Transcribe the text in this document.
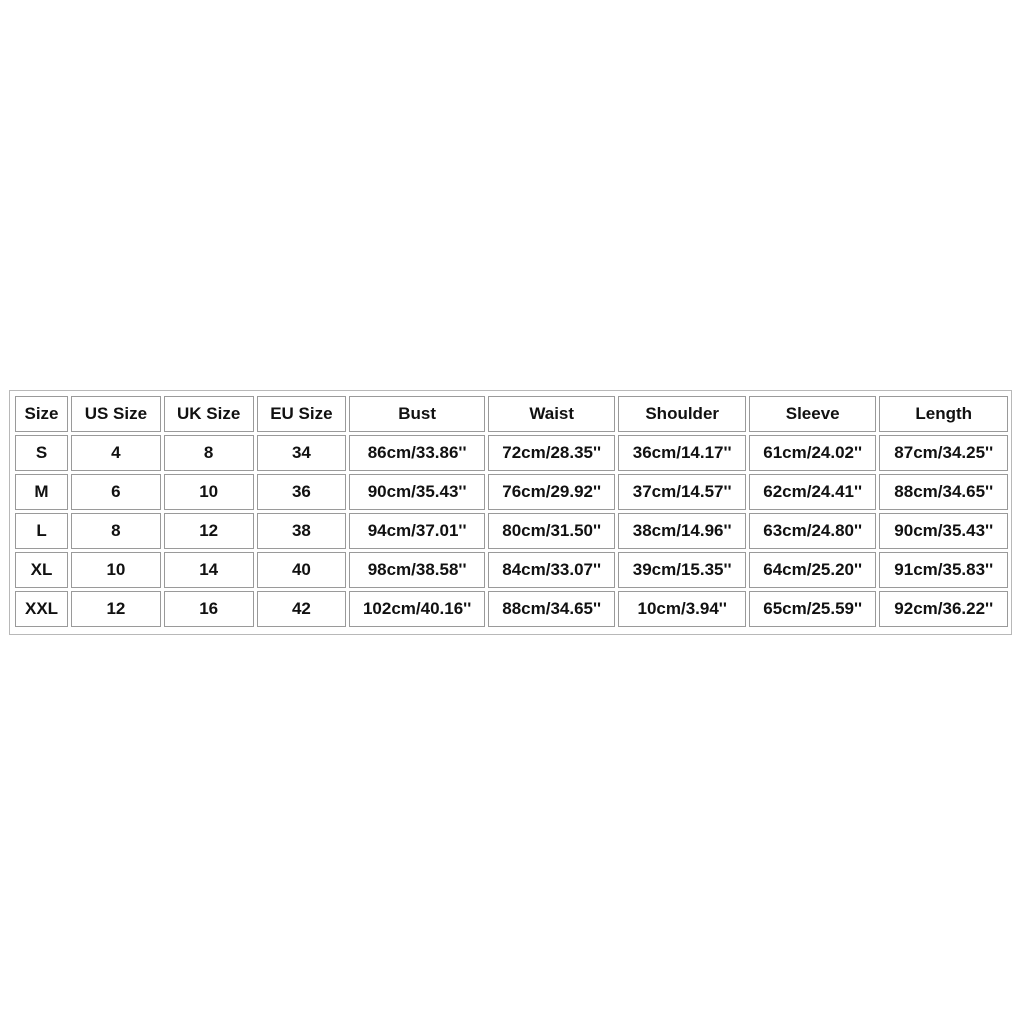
Size	US Size	UK Size	EU Size	Bust	Waist	Shoulder	Sleeve	Length
S	4	8	34	86cm/33.86''	72cm/28.35''	36cm/14.17''	61cm/24.02''	87cm/34.25''
M	6	10	36	90cm/35.43''	76cm/29.92''	37cm/14.57''	62cm/24.41''	88cm/34.65''
L	8	12	38	94cm/37.01''	80cm/31.50''	38cm/14.96''	63cm/24.80''	90cm/35.43''
XL	10	14	40	98cm/38.58''	84cm/33.07''	39cm/15.35''	64cm/25.20''	91cm/35.83''
XXL	12	16	42	102cm/40.16''	88cm/34.65''	10cm/3.94''	65cm/25.59''	92cm/36.22''
